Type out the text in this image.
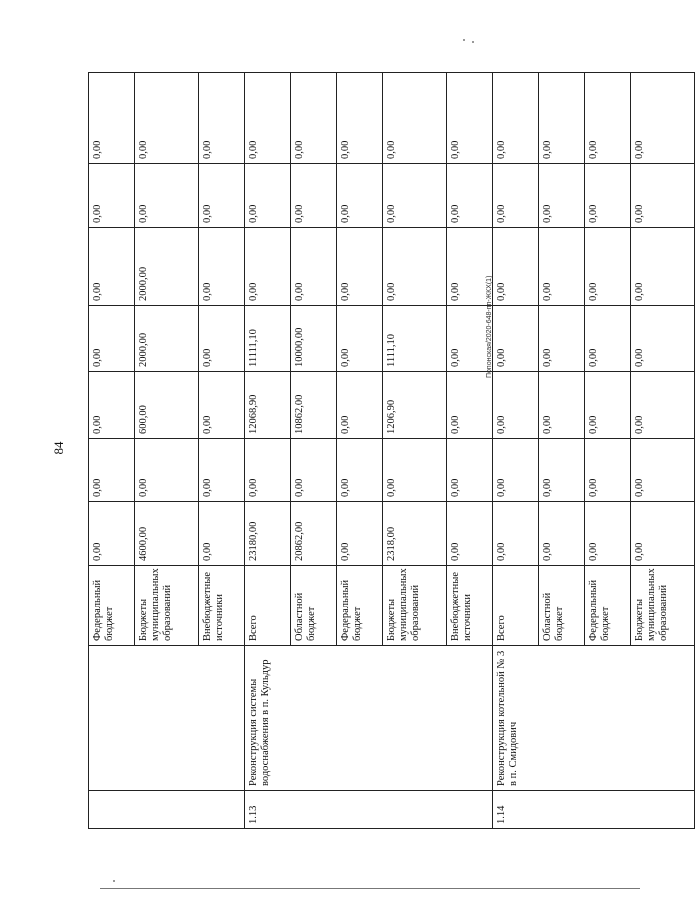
84
Попонская/2020-648-пп-ЖКХ(1)
		Федеральный бюджет	0,00	0,00	0,00	0,00	0,00	0,00	0,00
		Бюджеты муниципальных образований	4600,00	0,00	600,00	2000,00	2000,00	0,00	0,00
		Внебюджетные источники	0,00	0,00	0,00	0,00	0,00	0,00	0,00
1.13	Реконструкция системы водоснабжения в п. Кульдур	Всего	23180,00	0,00	12068,90	11111,10	0,00	0,00	0,00
		Областной бюджет	20862,00	0,00	10862,00	10000,00	0,00	0,00	0,00
		Федеральный бюджет	0,00	0,00	0,00	0,00	0,00	0,00	0,00
		Бюджеты муниципальных образований	2318,00	0,00	1206,90	1111,10	0,00	0,00	0,00
		Внебюджетные источники	0,00	0,00	0,00	0,00	0,00	0,00	0,00
1.14	Реконструкция котельной № 3 в п. Смидович	Всего	0,00	0,00	0,00	0,00	0,00	0,00	0,00
		Областной бюджет	0,00	0,00	0,00	0,00	0,00	0,00	0,00
		Федеральный бюджет	0,00	0,00	0,00	0,00	0,00	0,00	0,00
		Бюджеты муниципальных образований	0,00	0,00	0,00	0,00	0,00	0,00	0,00
